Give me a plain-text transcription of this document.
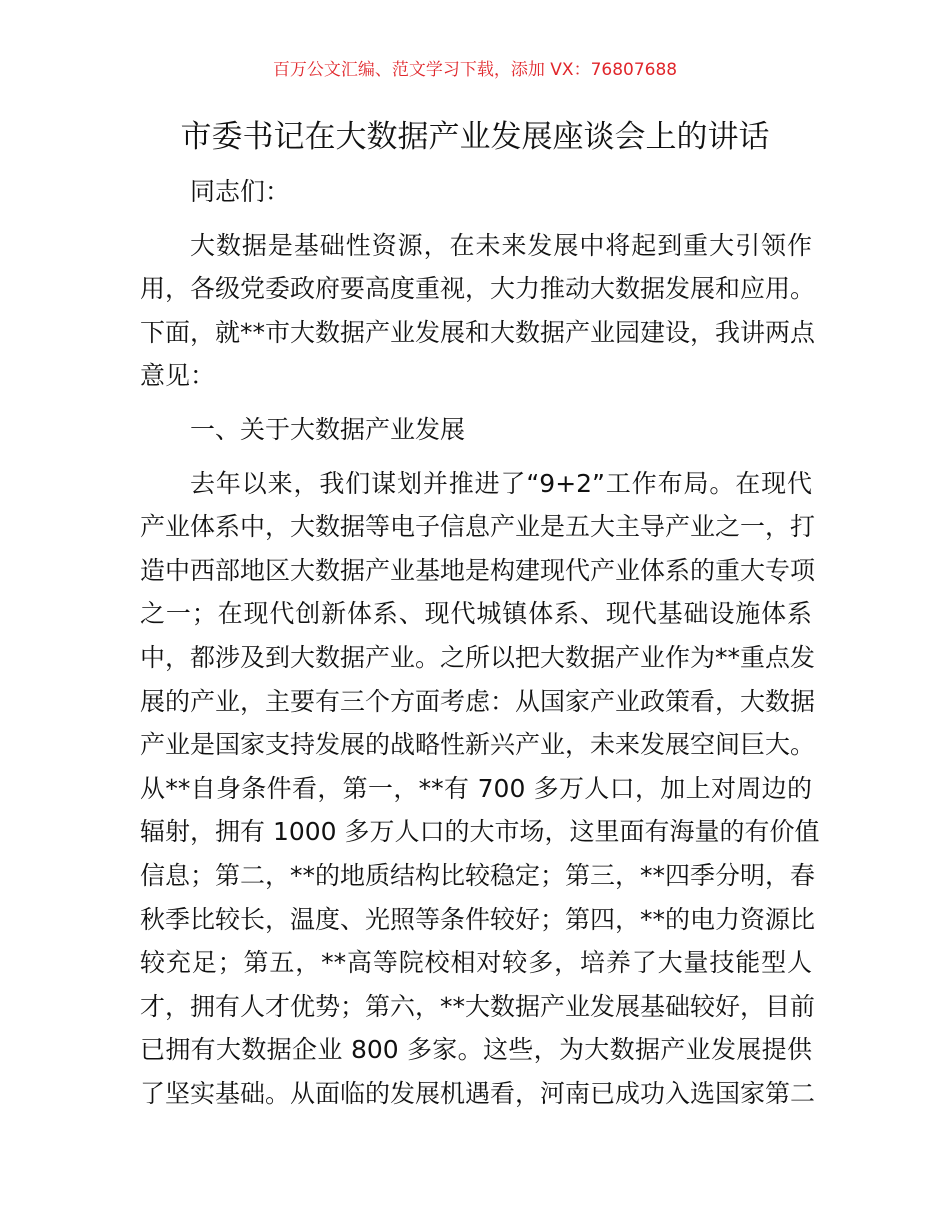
百万公文汇编、范文学习下载，添加 VX：76807688
市委书记在大数据产业发展座谈会上的讲话
同志们：
大数据是基础性资源，在未来发展中将起到重大引领作
用，各级党委政府要高度重视，大力推动大数据发展和应用。
下面，就**市大数据产业发展和大数据产业园建设，我讲两点
意见：
一、关于大数据产业发展
去年以来，我们谋划并推进了“9+2”工作布局。在现代
产业体系中，大数据等电子信息产业是五大主导产业之一，打
造中西部地区大数据产业基地是构建现代产业体系的重大专项
之一；在现代创新体系、现代城镇体系、现代基础设施体系
中，都涉及到大数据产业。之所以把大数据产业作为**重点发
展的产业，主要有三个方面考虑：从国家产业政策看，大数据
产业是国家支持发展的战略性新兴产业，未来发展空间巨大。
从**自身条件看，第一，**有 700 多万人口，加上对周边的
辐射，拥有 1000 多万人口的大市场，这里面有海量的有价值
信息；第二，**的地质结构比较稳定；第三，**四季分明，春
秋季比较长，温度、光照等条件较好；第四，**的电力资源比
较充足；第五，**高等院校相对较多，培养了大量技能型人
才，拥有人才优势；第六，**大数据产业发展基础较好，目前
已拥有大数据企业 800 多家。这些，为大数据产业发展提供
了坚实基础。从面临的发展机遇看，河南已成功入选国家第二
